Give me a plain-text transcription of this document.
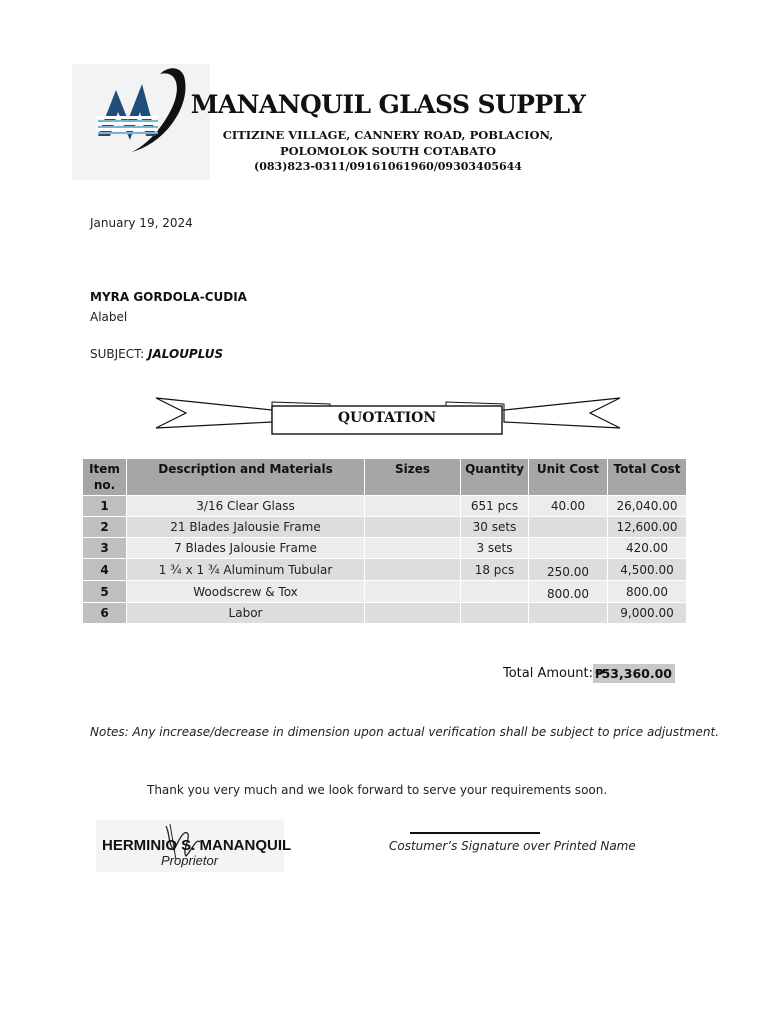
MANANQUIL GLASS SUPPLY
CITIZINE VILLAGE, CANNERY ROAD, POBLACION,
POLOMOLOK SOUTH COTABATO
(083)823-0311/09161061960/09303405644
January 19, 2024
MYRA GORDOLA-CUDIA
Alabel
SUBJECT: JALOUPLUS
QUOTATION
Item no.	Description and Materials	Sizes	Quantity	Unit Cost	Total Cost
1	3/16 Clear Glass		651 pcs	40.00	26,040.00
2	21 Blades Jalousie Frame		30 sets		12,600.00
3	7 Blades Jalousie Frame		3 sets		420.00
4	1 ¾ x 1 ¾ Aluminum Tubular		18 pcs	250.00	4,500.00
5	Woodscrew & Tox			800.00	800.00
6	Labor				9,000.00
Total Amount: 53,360.00
₱
Notes: Any increase/decrease in dimension upon actual verification shall be subject to price adjustment.
Thank you very much and we look forward to serve your requirements soon.
HERMINIO S. MANANQUIL
Proprietor
Costumer’s Signature over Printed Name
